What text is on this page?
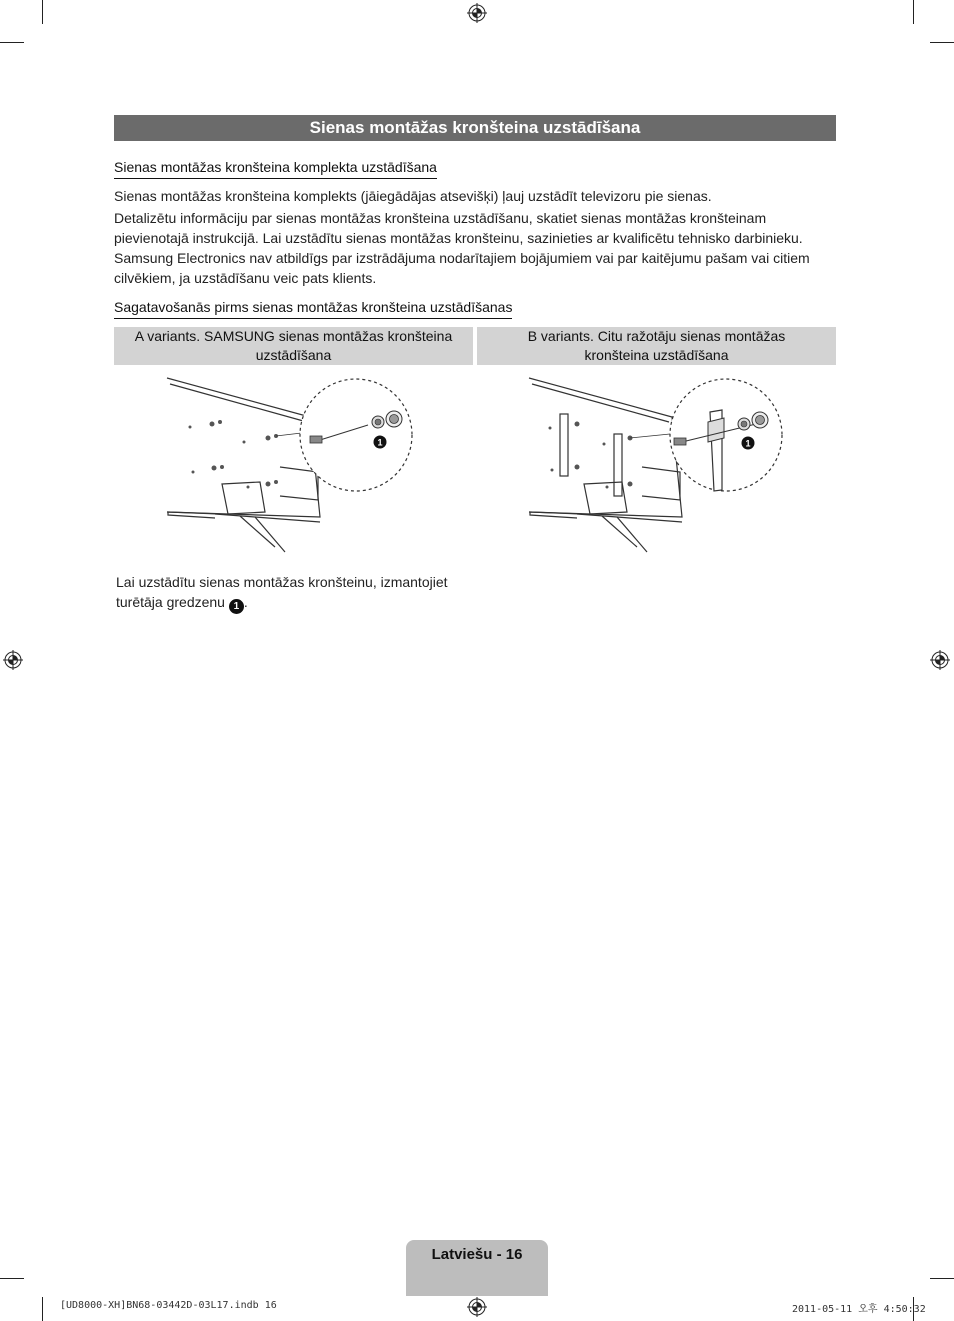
Sienas montāžas kronšteina uzstādīšana
Sienas montāžas kronšteina komplekta uzstādīšana

Sienas montāžas kronšteina komplekts (jāiegādājas atsevišķi) ļauj uzstādīt televizoru pie sienas.

Detalizētu informāciju par sienas montāžas kronšteina uzstādīšanu, skatiet sienas montāžas kronšteinam pievienotajā instrukcijā. Lai uzstādītu sienas montāžas kronšteinu, sazinieties ar kvalificētu tehnisko darbinieku.

Samsung Electronics nav atbildīgs par izstrādājuma nodarītajiem bojājumiem vai par kaitējumu pašam vai citiem cilvēkiem, ja uzstādīšanu veic pats klients.

Sagatavošanās pirms sienas montāžas kronšteina uzstādīšanas
A variants. SAMSUNG sienas montāžas kronšteina uzstādīšana
B variants. Citu ražotāju sienas montāžas kronšteina uzstādīšana
1	1

Lai uzstādītu sienas montāžas kronšteinu, izmantojiet turētāja gredzenu 1 .

Latviešu - 16
[UD8000-XH]BN68-03442D-03L17.indb 16	2011-05-11 오후 4:50:32
